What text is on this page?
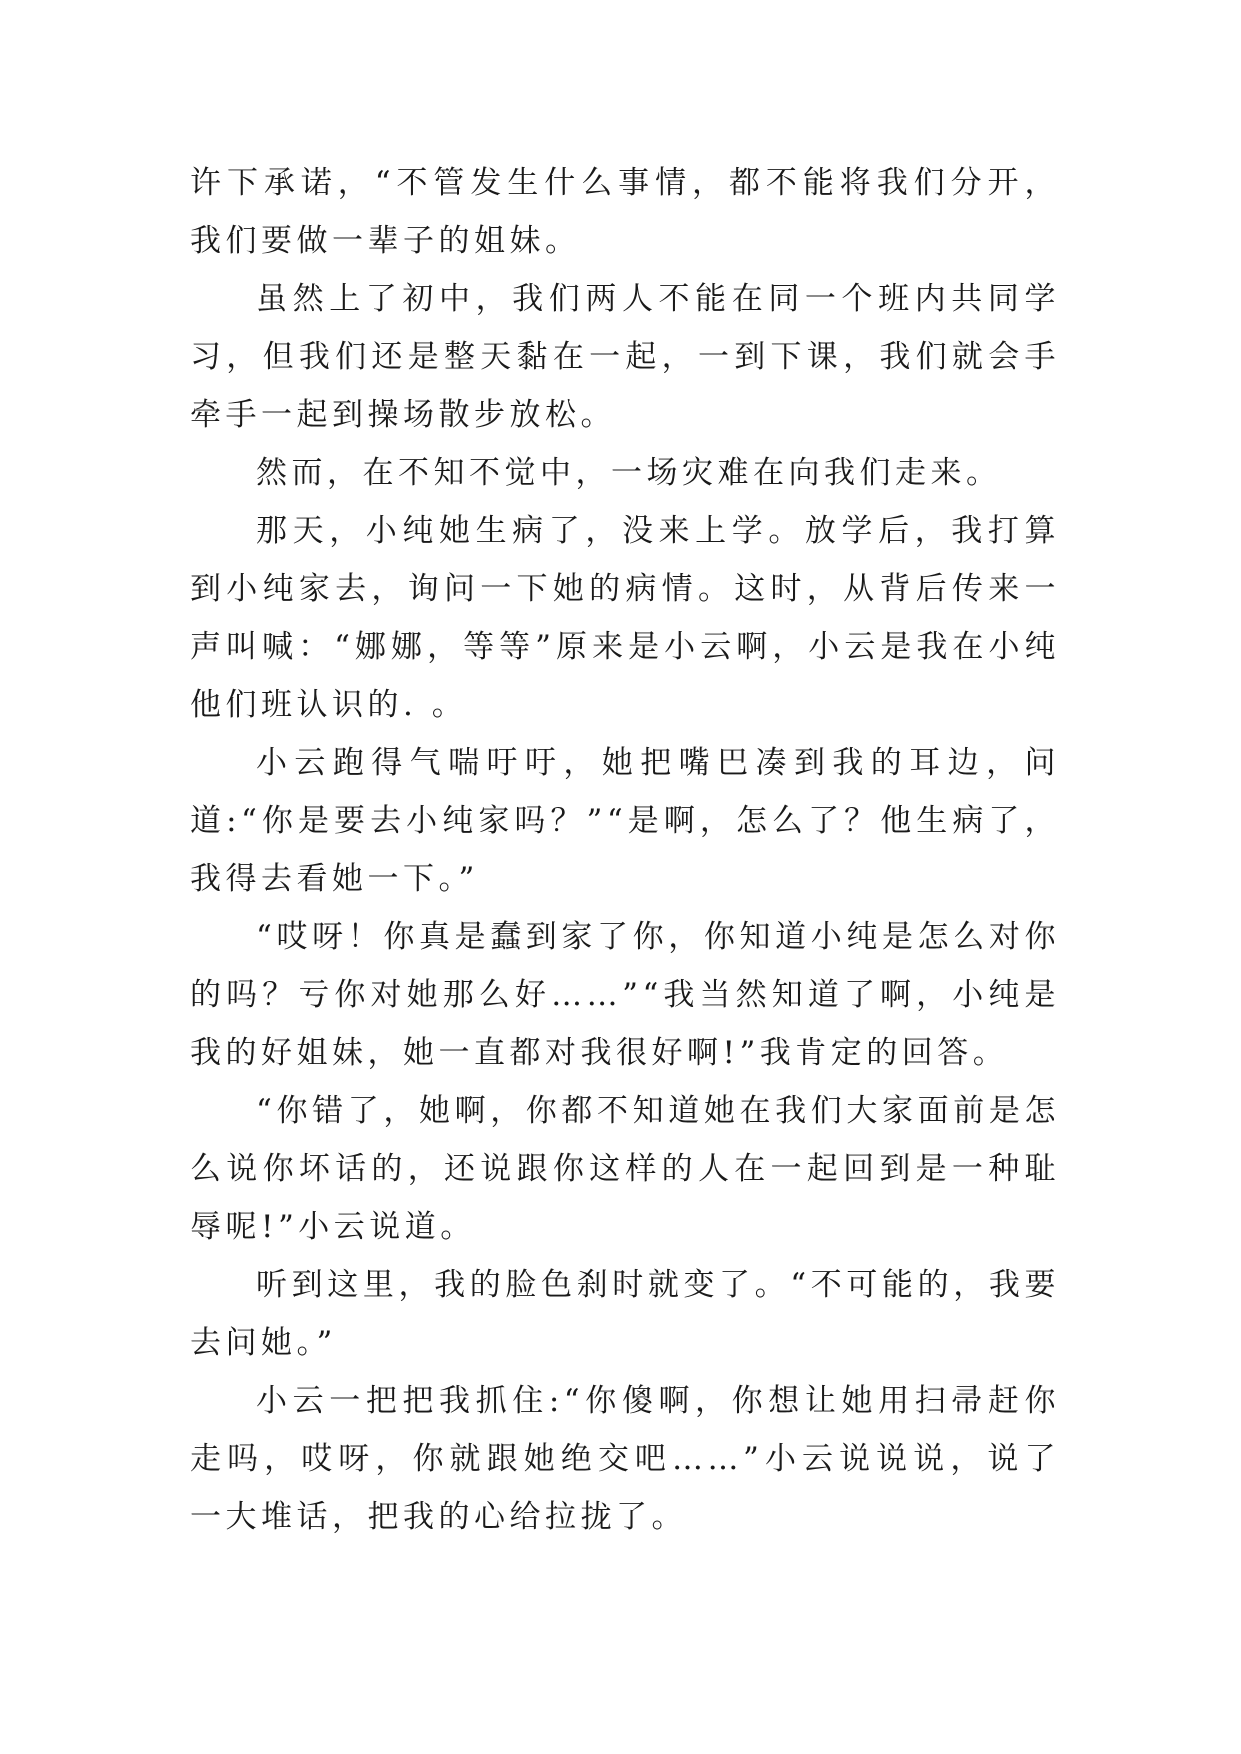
许下承诺，“不管发生什么事情，都不能将我们分开，我们要做一辈子的姐妹。

虽然上了初中，我们两人不能在同一个班内共同学习，但我们还是整天黏在一起，一到下课，我们就会手牵手一起到操场散步放松。

然而，在不知不觉中，一场灾难在向我们走来。

那天，小纯她生病了，没来上学。放学后，我打算到小纯家去，询问一下她的病情。这时，从背后传来一声叫喊：“娜娜，等等”原来是小云啊，小云是我在小纯他们班认识的. 。

小云跑得气喘吁吁，她把嘴巴凑到我的耳边，问道:“你是要去小纯家吗？”“是啊，怎么了？他生病了，我得去看她一下。”

“哎呀！你真是蠢到家了你，你知道小纯是怎么对你的吗？亏你对她那么好……”“我当然知道了啊，小纯是我的好姐妹，她一直都对我很好啊!”我肯定的回答。

“你错了，她啊，你都不知道她在我们大家面前是怎么说你坏话的，还说跟你这样的人在一起回到是一种耻辱呢!”小云说道。

听到这里，我的脸色刹时就变了。“不可能的，我要去问她。”

小云一把把我抓住:“你傻啊，你想让她用扫帚赶你走吗，哎呀，你就跟她绝交吧……”小云说说说，说了一大堆话，把我的心给拉拢了。
